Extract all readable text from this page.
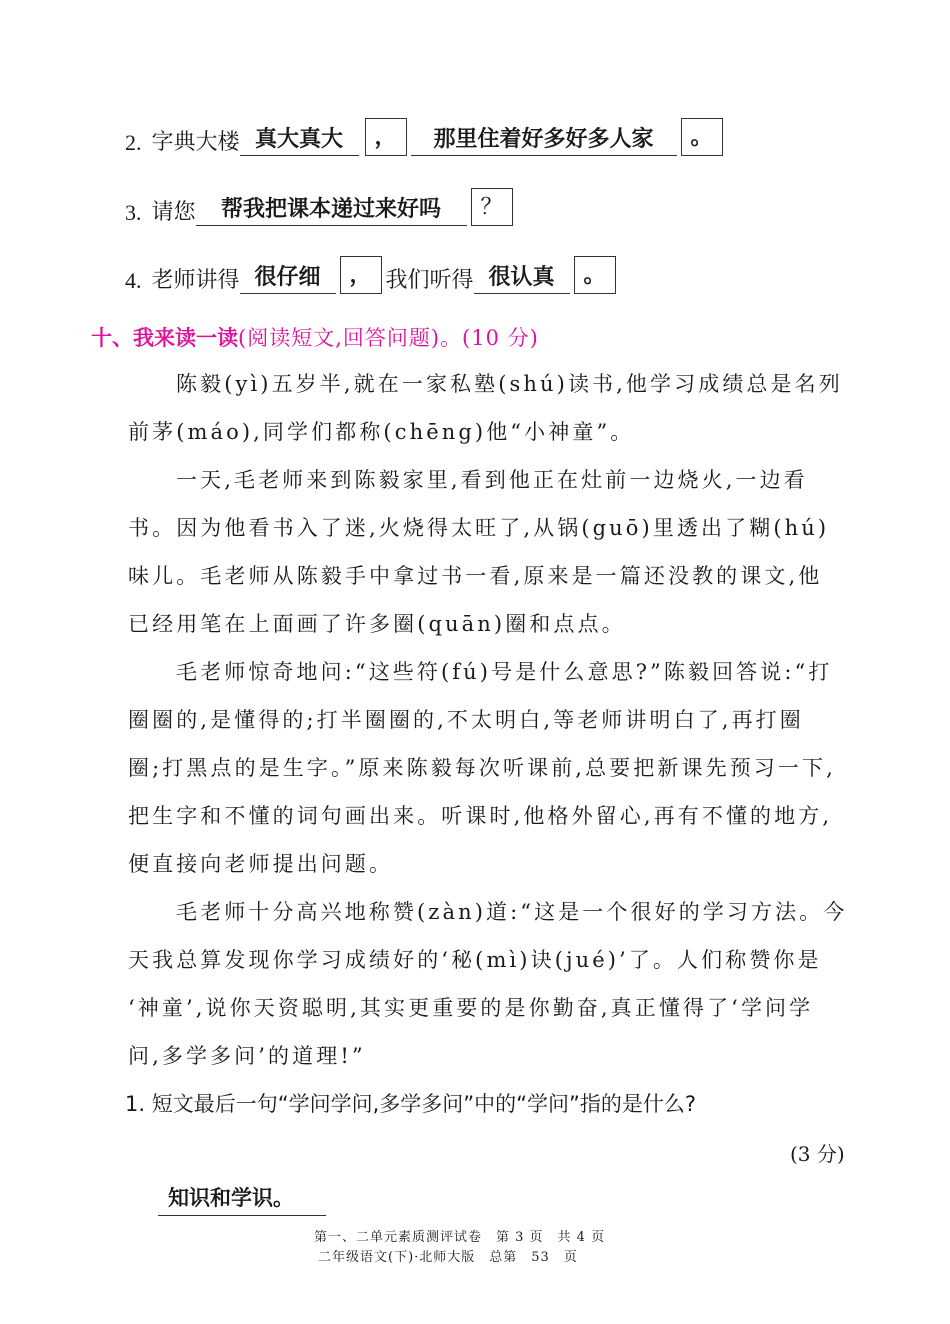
2. 字典大楼 真大真大	，	那里住着好多好多人家	。
3. 请您	帮我把课本递过来好吗	？
4. 老师讲得 很仔细	， 我们听得 很认真	。
十、我来读一读(阅读短文,回答问题)。(10 分)
陈毅(yì)五岁半,就在一家私塾(shú)读书,他学习成绩总是名列
前茅(máo),同学们都称(chēng)他“小神童”。
一天,毛老师来到陈毅家里,看到他正在灶前一边烧火,一边看
书。因为他看书入了迷,火烧得太旺了,从锅(guō)里透出了糊(hú)
味儿。毛老师从陈毅手中拿过书一看,原来是一篇还没教的课文,他
已经用笔在上面画了许多圈(quān)圈和点点。
毛老师惊奇地问:“这些符(fú)号是什么意思?”陈毅回答说:“打
圈圈的,是懂得的;打半圈圈的,不太明白,等老师讲明白了,再打圈
圈;打黑点的是生字。”原来陈毅每次听课前,总要把新课先预习一下,
把生字和不懂的词句画出来。听课时,他格外留心,再有不懂的地方,
便直接向老师提出问题。
毛老师十分高兴地称赞(zàn)道:“这是一个很好的学习方法。今
天我总算发现你学习成绩好的‘秘(mì)诀(jué)’了。人们称赞你是
‘神童’,说你天资聪明,其实更重要的是你勤奋,真正懂得了‘学问学
问,多学多问’的道理!”
1. 短文最后一句“学问学问,多学多问”中的“学问”指的是什么?
(3 分)
知识和学识。
第一、二单元素质测评试卷　第 3 页　共 4 页
二年级语文(下)·北师大版　总第　53　页
